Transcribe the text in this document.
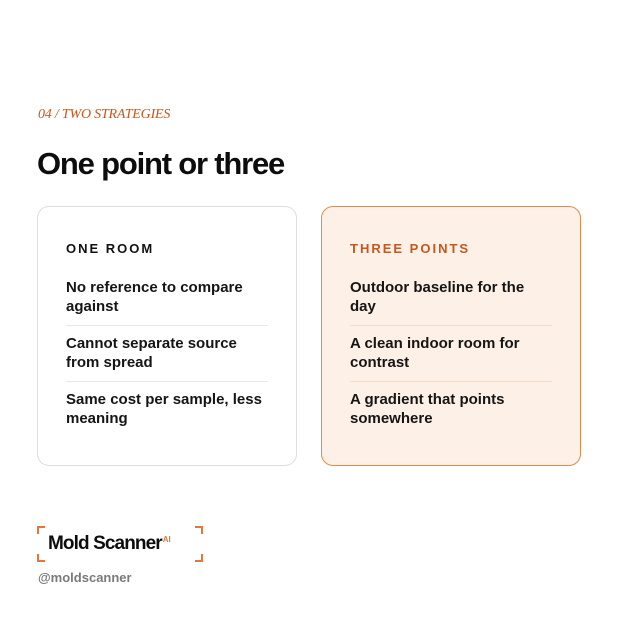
04 / TWO STRATEGIES
One point or three
ONE ROOM
No reference to compare against
Cannot separate source from spread
Same cost per sample, less meaning
THREE POINTS
Outdoor baseline for the day
A clean indoor room for contrast
A gradient that points somewhere
Mold Scanner$^{AI}$
@moldscanner
